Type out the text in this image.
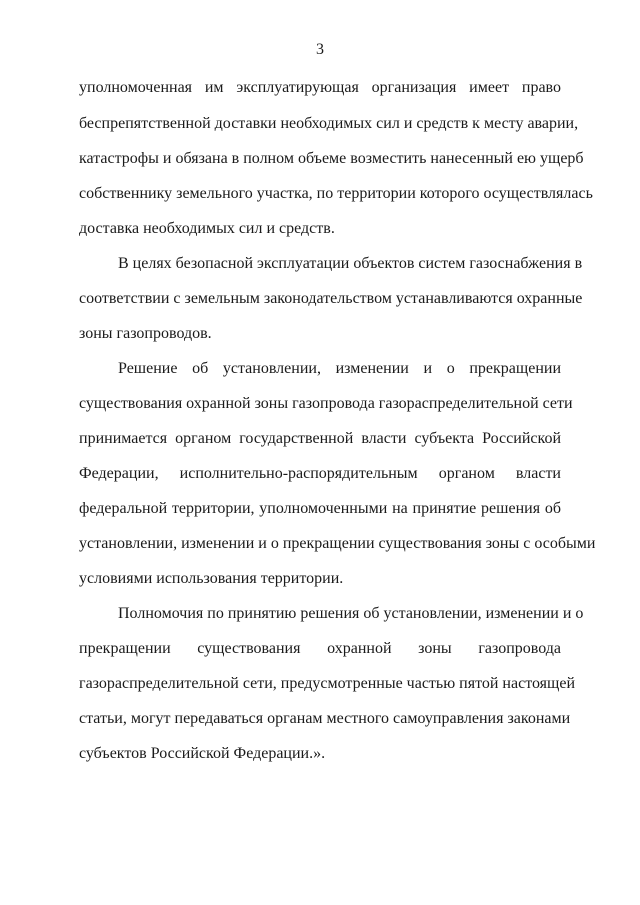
3
уполномоченная им эксплуатирующая организация имеет право
беспрепятственной доставки необходимых сил и средств к месту аварии,
катастрофы и обязана в полном объеме возместить нанесенный ею ущерб
собственнику земельного участка, по территории которого осуществлялась
доставка необходимых сил и средств.
В целях безопасной эксплуатации объектов систем газоснабжения в
соответствии с земельным законодательством устанавливаются охранные
зоны газопроводов.
Решение об установлении, изменении и о прекращении
существования охранной зоны газопровода газораспределительной сети
принимается органом государственной власти субъекта Российской
Федерации, исполнительно-распорядительным органом власти
федеральной территории, уполномоченными на принятие решения об
установлении, изменении и о прекращении существования зоны с особыми
условиями использования территории.
Полномочия по принятию решения об установлении, изменении и о
прекращении существования охранной зоны газопровода
газораспределительной сети, предусмотренные частью пятой настоящей
статьи, могут передаваться органам местного самоуправления законами
субъектов Российской Федерации.».
